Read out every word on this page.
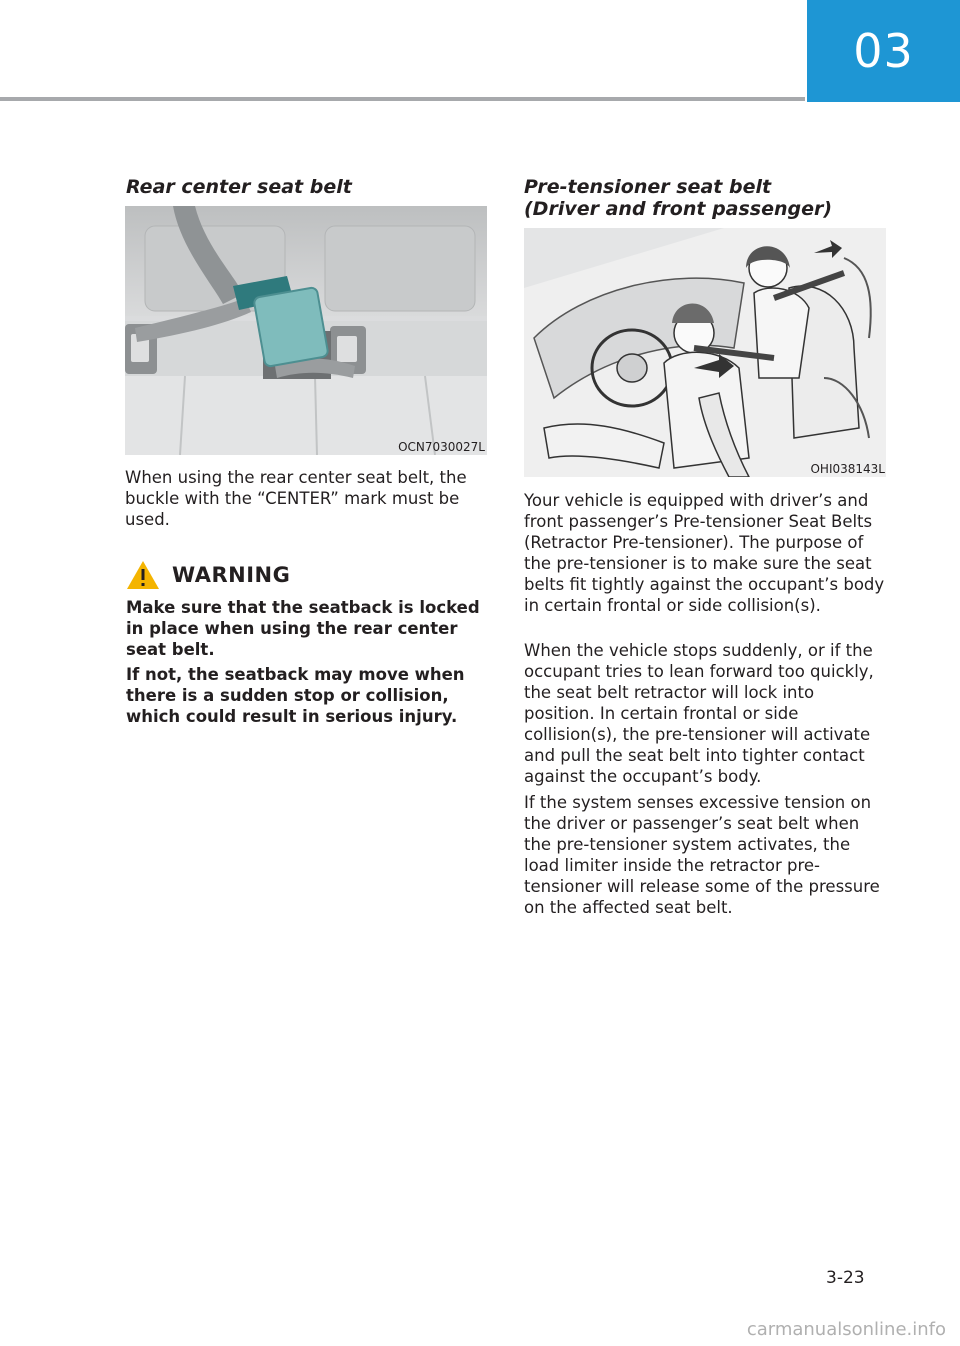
03
Rear center seat belt
OCN7030027L

When using the rear center seat belt, the buckle with the “CENTER” mark must be used.

WARNING

Make sure that the seatback is locked in place when using the rear center seat belt.

If not, the seatback may move when there is a sudden stop or collision, which could result in serious injury.

Pre-tensioner seat belt
(Driver and front passenger)
OHI038143L

Your vehicle is equipped with driver’s and front passenger’s Pre-tensioner Seat Belts (Retractor Pre-tensioner). The purpose of the pre-tensioner is to make sure the seat belts fit tightly against the occupant’s body in certain frontal or side collision(s).

When the vehicle stops suddenly, or if the occupant tries to lean forward too quickly, the seat belt retractor will lock into position. In certain frontal or side collision(s), the pre-tensioner will activate and pull the seat belt into tighter contact against the occupant’s body.

If the system senses excessive tension on the driver or passenger’s seat belt when the pre-tensioner system activates, the load limiter inside the retractor pre-tensioner will release some of the pressure on the affected seat belt.

3-23
carmanualsonline.info
